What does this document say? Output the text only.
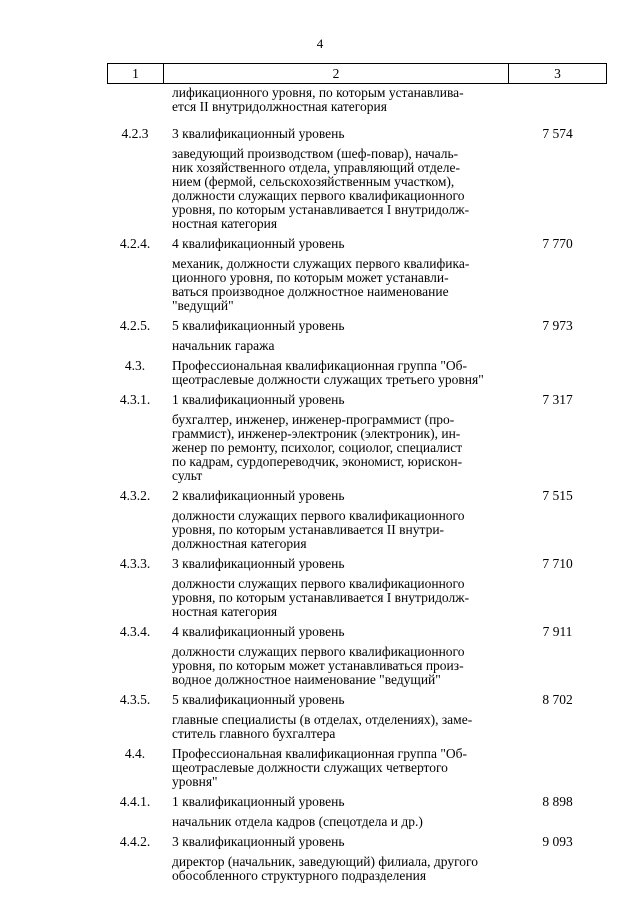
4
1	2	3
лификационного уровня, по которым устанавлива-
ется II внутридолжностная категория
4.2.3	3 квалификационный уровень	7 574
заведующий производством (шеф-повар), началь-
ник хозяйственного отдела, управляющий отделе-
нием (фермой, сельскохозяйственным участком),
должности служащих первого квалификационного
уровня, по которым устанавливается I внутридолж-
ностная категория
4.2.4.	4 квалификационный уровень	7 770
механик, должности служащих первого квалифика-
ционного уровня, по которым может устанавли-
ваться производное должностное наименование
"ведущий"
4.2.5.	5 квалификационный уровень	7 973
начальник гаража
4.3.	Профессиональная квалификационная группа "Об-
щеотраслевые должности служащих третьего уровня"
4.3.1.	1 квалификационный уровень	7 317
бухгалтер, инженер, инженер-программист (про-
граммист), инженер-электроник (электроник), ин-
женер по ремонту, психолог, социолог, специалист
по кадрам, сурдопереводчик, экономист, юрискон-
сульт
4.3.2.	2 квалификационный уровень	7 515
должности служащих первого квалификационного
уровня, по которым устанавливается II внутри-
должностная категория
4.3.3.	3 квалификационный уровень	7 710
должности служащих первого квалификационного
уровня, по которым устанавливается I внутридолж-
ностная категория
4.3.4.	4 квалификационный уровень	7 911
должности служащих первого квалификационного
уровня, по которым может устанавливаться произ-
водное должностное наименование "ведущий"
4.3.5.	5 квалификационный уровень	8 702
главные специалисты (в отделах, отделениях), заме-
ститель главного бухгалтера
4.4.	Профессиональная квалификационная группа "Об-
щеотраслевые должности служащих четвертого
уровня"
4.4.1.	1 квалификационный уровень	8 898
начальник отдела кадров (спецотдела и др.)
4.4.2.	3 квалификационный уровень	9 093
директор (начальник, заведующий) филиала, другого
обособленного структурного подразделения
